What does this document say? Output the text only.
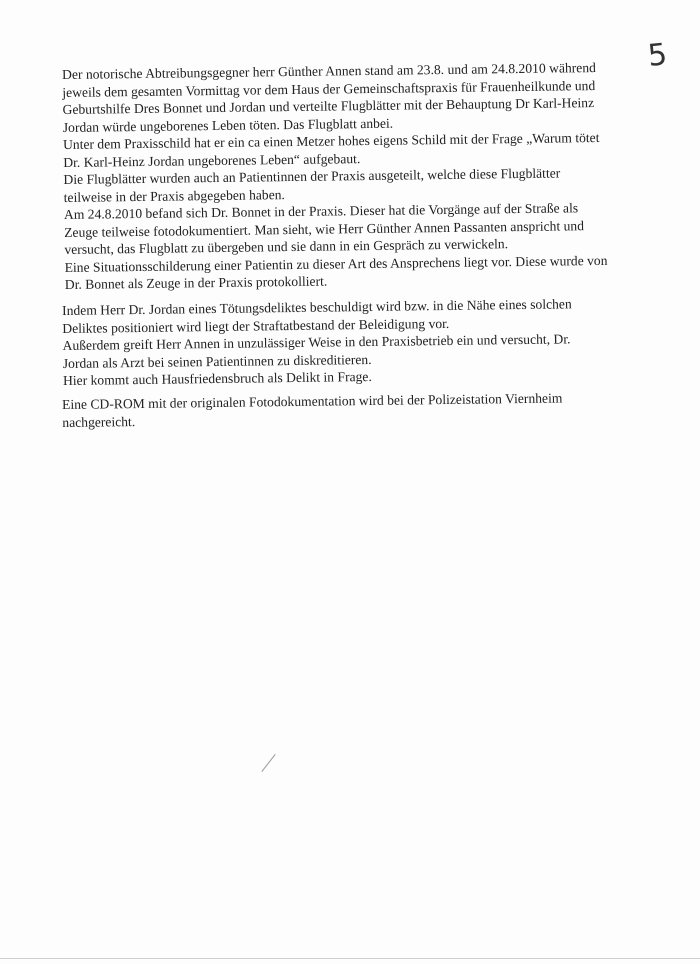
5
Der notorische Abtreibungsgegner herr Günther Annen stand am 23.8. und am 24.8.2010 während
jeweils dem gesamten Vormittag vor dem Haus der Gemeinschaftspraxis für Frauenheilkunde und
Geburtshilfe Dres Bonnet und Jordan und verteilte Flugblätter mit der Behauptung Dr Karl-Heinz
Jordan würde ungeborenes Leben töten. Das Flugblatt anbei.
Unter dem Praxisschild hat er ein ca einen Metzer hohes eigens Schild mit der Frage „Warum tötet
Dr. Karl-Heinz Jordan ungeborenes Leben“ aufgebaut.
Die Flugblätter wurden auch an Patientinnen der Praxis ausgeteilt, welche diese Flugblätter
teilweise in der Praxis abgegeben haben.
Am 24.8.2010 befand sich Dr. Bonnet in der Praxis. Dieser hat die Vorgänge auf der Straße als
Zeuge teilweise fotodokumentiert. Man sieht, wie Herr Günther Annen Passanten anspricht und
versucht, das Flugblatt zu übergeben und sie dann in ein Gespräch zu verwickeln.
Eine Situationsschilderung einer Patientin zu dieser Art des Ansprechens liegt vor. Diese wurde von
Dr. Bonnet als Zeuge in der Praxis protokolliert.
Indem Herr Dr. Jordan eines Tötungsdeliktes beschuldigt wird bzw. in die Nähe eines solchen
Deliktes positioniert wird liegt der Straftatbestand der Beleidigung vor.
Außerdem greift Herr Annen in unzulässiger Weise in den Praxisbetrieb ein und versucht, Dr.
Jordan als Arzt bei seinen Patientinnen zu diskreditieren.
Hier kommt auch Hausfriedensbruch als Delikt in Frage.
Eine CD-ROM mit der originalen Fotodokumentation wird bei der Polizeistation Viernheim
nachgereicht.
